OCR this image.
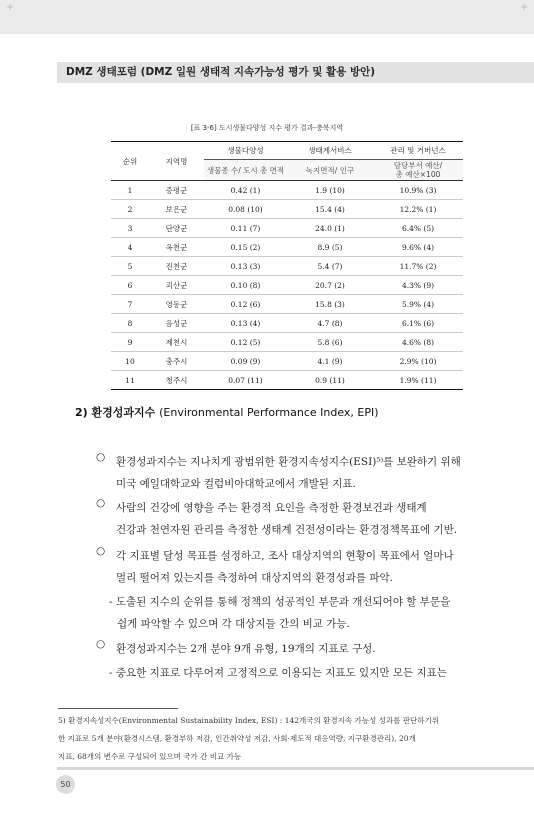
+	+
DMZ 생태포럼 (DMZ 일원 생태적 지속가능성 평가 및 활용 방안)
[표 3-6] 도시생물다양성 지수 평가 결과-충북지역
순위	지역명	생물다양성	생태계서비스	관리 및 거버넌스
		생물종 수/ 도시 총 면적	녹지면적/ 인구	담당부서 예산/
총 예산×100
1	증평군	0.42 (1)	1.9 (10)	10.9% (3)
2	보은군	0.08 (10)	15.4 (4)	12.2% (1)
3	단양군	0.11 (7)	24.0 (1)	6.4% (5)
4	옥천군	0.15 (2)	8.9 (5)	9.6% (4)
5	진천군	0.13 (3)	5.4 (7)	11.7% (2)
6	괴산군	0.10 (8)	20.7 (2)	4.3% (9)
7	영동군	0.12 (6)	15.8 (3)	5.9% (4)
8	음성군	0.13 (4)	4.7 (8)	6.1% (6)
9	제천시	0.12 (5)	5.8 (6)	4.6% (8)
10	충주시	0.09 (9)	4.1 (9)	2.9% (10)
11	청주시	0.07 (11)	0.9 (11)	1.9% (11)
2) 환경성과지수 (Environmental Performance Index, EPI)
○ 환경성과지수는 지나치게 광범위한 환경지속성지수(ESI)⁵⁾를 보완하기 위해
미국 예일대학교와 컬럼비아대학교에서 개발된 지표.
○ 사람의 건강에 영향을 주는 환경적 요인을 측정한 환경보건과 생태계
건강과 천연자원 관리를 측정한 생태계 건전성이라는 환경정책목표에 기반.
○ 각 지표별 달성 목표를 설정하고, 조사 대상지역의 현황이 목표에서 얼마나
멀리 떨어져 있는지를 측정하여 대상지역의 환경성과를 파악.
- 도출된 지수의 순위를 통해 정책의 성공적인 부문과 개선되어야 할 부문을
쉽게 파악할 수 있으며 각 대상지들 간의 비교 가능.
○ 환경성과지수는 2개 분야 9개 유형, 19개의 지표로 구성.
- 중요한 지표로 다루어져 고정적으로 이용되는 지표도 있지만 모든 지표는
5) 환경지속성지수(Environmental Sustainability Index, ESI) : 142개국의 환경지속 가능성 성과를 판단하기위
한 지표로 5개 분야(환경시스템, 환경부하 저감, 인간취약성 저감, 사회·제도적 대응역량, 지구환경관리), 20개
지표, 68개의 변수로 구성되어 있으며 국가 간 비교 가능
50
